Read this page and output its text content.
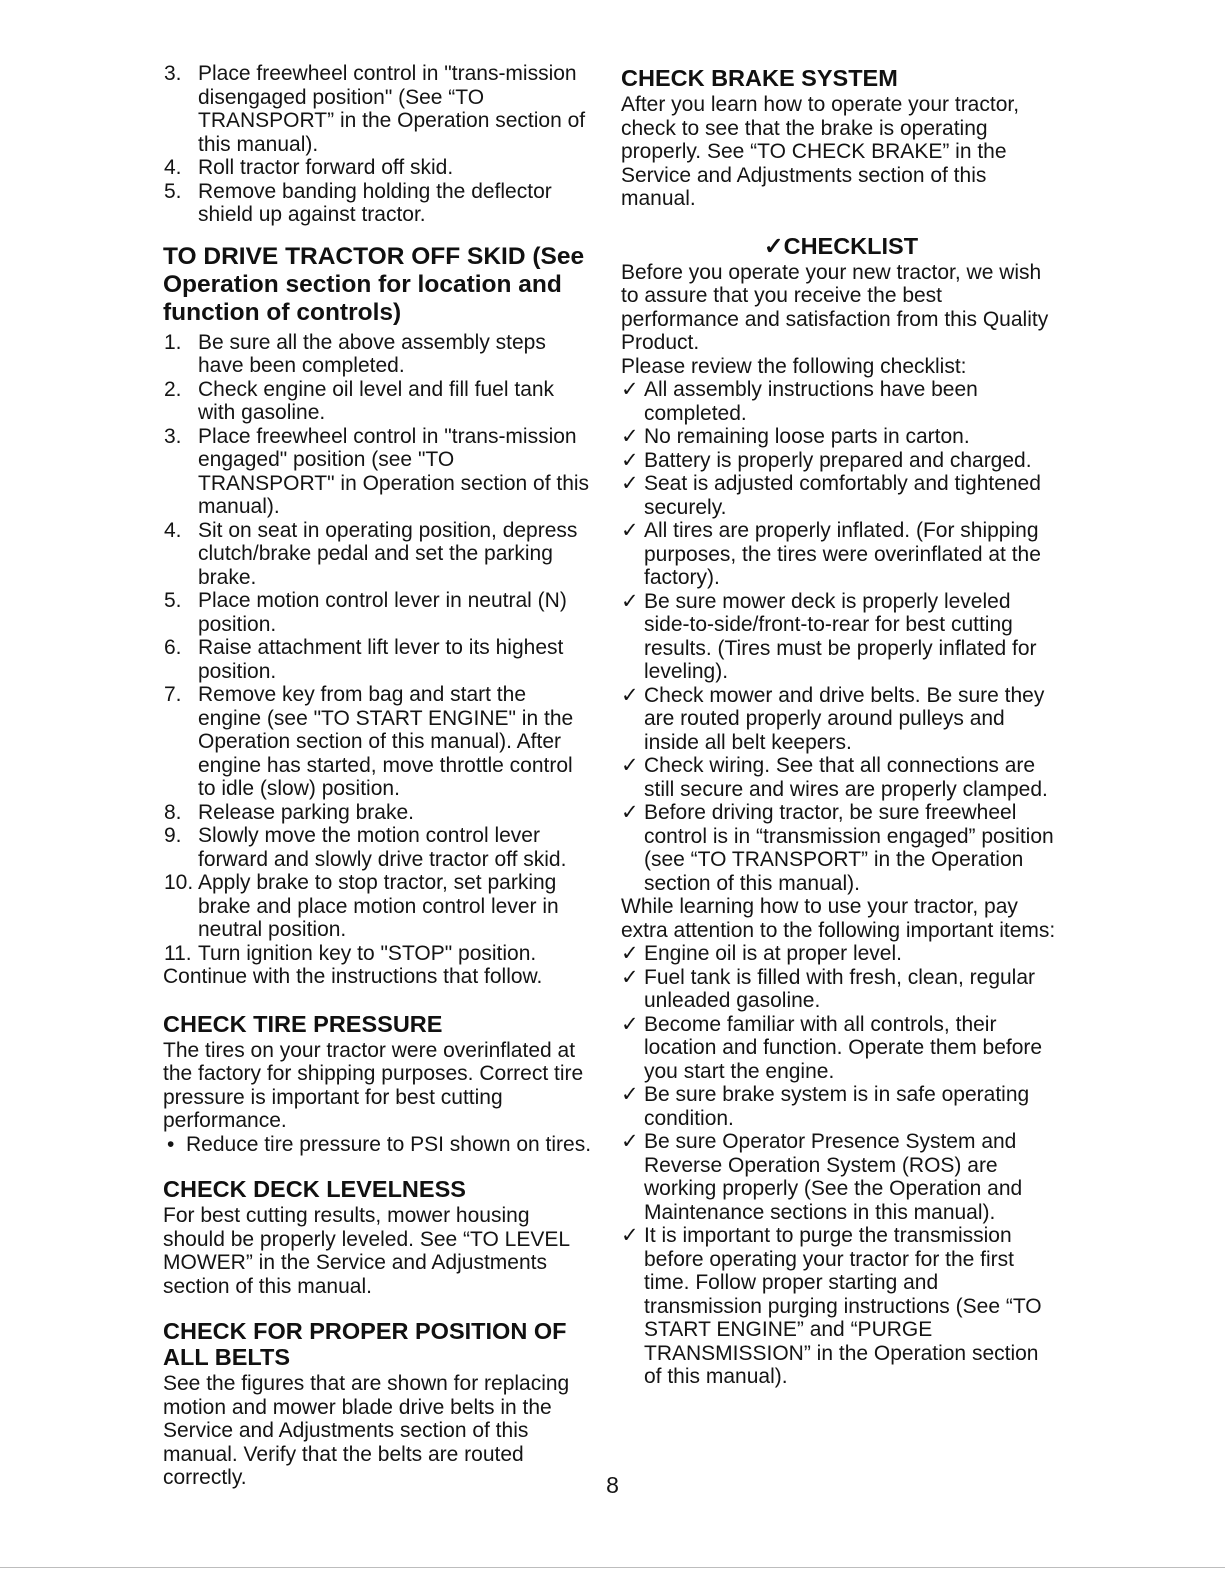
3. Place freewheel control in "trans-mission disengaged position" (See “TO TRANSPORT” in the Operation section of this manual).
4. Roll tractor forward off skid.
5. Remove banding holding the deflector shield up against tractor.
TO DRIVE TRACTOR OFF SKID (See Operation section for location and function of controls)
1. Be sure all the above assembly steps have been completed.
2. Check engine oil level and fill fuel tank with gasoline.
3. Place freewheel control in "trans-mission engaged" position (see "TO TRANSPORT" in Operation section of this manual).
4. Sit on seat in operating position, depress clutch/brake pedal and set the parking brake.
5. Place motion control lever in neutral (N) position.
6. Raise attachment lift lever to its highest position.
7. Remove key from bag and start the engine (see "TO START ENGINE" in the Operation section of this manual). After engine has started, move throttle control to idle (slow) position.
8. Release parking brake.
9. Slowly move the motion control lever forward and slowly drive tractor off skid.
10. Apply brake to stop tractor, set parking brake and place motion control lever in neutral position.
11. Turn ignition key to "STOP" position.

Continue with the instructions that follow.

CHECK TIRE PRESSURE

The tires on your tractor were overinflated at the factory for shipping purposes. Correct tire pressure is important for best cutting performance.

• Reduce tire pressure to PSI shown on tires.
CHECK DECK LEVELNESS

For best cutting results, mower housing should be properly leveled. See “TO LEVEL MOWER” in the Service and Adjustments section of this manual.

CHECK FOR PROPER POSITION OF ALL BELTS

See the figures that are shown for replacing motion and mower blade drive belts in the Service and Adjustments section of this manual. Verify that the belts are routed correctly.

CHECK BRAKE SYSTEM

After you learn how to operate your tractor, check to see that the brake is operating properly. See “TO CHECK BRAKE” in the Service and Adjustments section of this manual.

✓CHECKLIST

Before you operate your new tractor, we wish to assure that you receive the best performance and satisfaction from this Quality Product.

Please review the following checklist:

✓ All assembly instructions have been completed.
✓ No remaining loose parts in carton.
✓ Battery is properly prepared and charged.
✓ Seat is adjusted comfortably and tightened securely.
✓ All tires are properly inflated. (For shipping purposes, the tires were overinflated at the factory).
✓ Be sure mower deck is properly leveled side-to-side/front-to-rear for best cutting results. (Tires must be properly inflated for leveling).
✓ Check mower and drive belts. Be sure they are routed properly around pulleys and inside all belt keepers.
✓ Check wiring. See that all connections are still secure and wires are properly clamped.
✓ Before driving tractor, be sure freewheel control is in “transmission engaged” position (see “TO TRANSPORT” in the Operation section of this manual).

While learning how to use your tractor, pay extra attention to the following important items:

✓ Engine oil is at proper level.
✓ Fuel tank is filled with fresh, clean, regular unleaded gasoline.
✓ Become familiar with all controls, their location and function. Operate them before you start the engine.
✓ Be sure brake system is in safe operating condition.
✓ Be sure Operator Presence System and Reverse Operation System (ROS) are working properly (See the Operation and Maintenance sections in this manual).
✓ It is important to purge the transmission before operating your tractor for the first time. Follow proper starting and transmission purging instructions (See “TO START ENGINE” and “PURGE TRANSMISSION” in the Operation section of this manual).
8
